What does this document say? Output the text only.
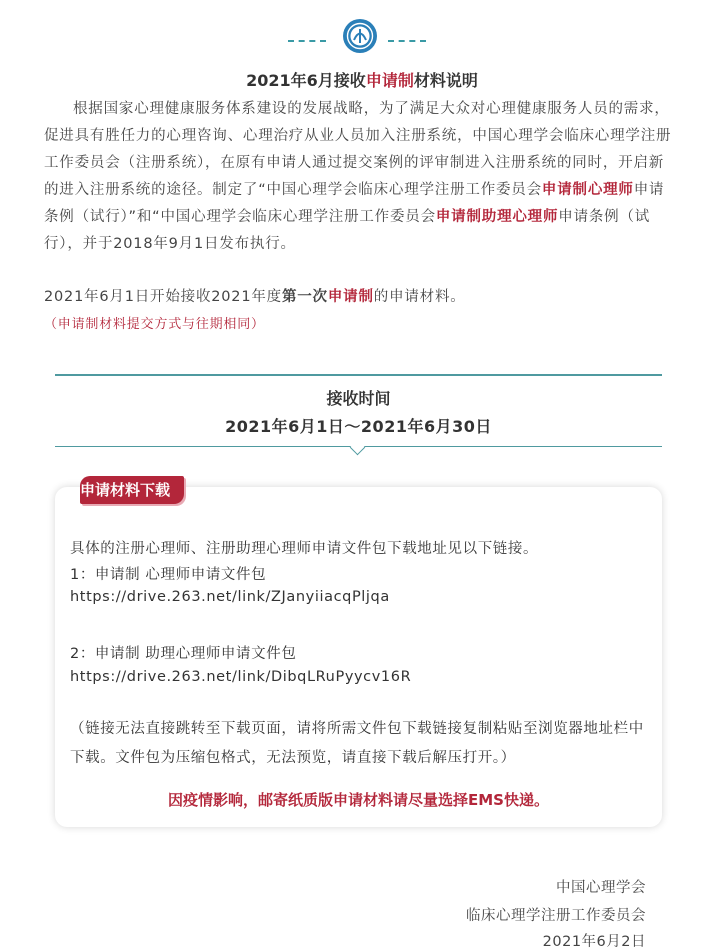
2021年6月接收申请制材料说明

根据国家心理健康服务体系建设的发展战略，为了满足大众对心理健康服务人员的需求，促进具有胜任力的心理咨询、心理治疗从业人员加入注册系统，中国心理学会临床心理学注册工作委员会（注册系统），在原有申请人通过提交案例的评审制进入注册系统的同时，开启新的进入注册系统的途径。制定了“中国心理学会临床心理学注册工作委员会申请制心理师申请条例（试行）”和“中国心理学会临床心理学注册工作委员会申请制助理心理师申请条例（试行），并于2018年9月1日发布执行。

2021年6月1日开始接收2021年度第一次申请制的申请材料。（申请制材料提交方式与往期相同）

接收时间
2021年6月1日～2021年6月30日

具体的注册心理师、注册助理心理师申请文件包下载地址见以下链接。

1：申请制 心理师申请文件包

https://drive.263.net/link/ZJanyiiacqPljqa

2：申请制 助理心理师申请文件包

https://drive.263.net/link/DibqLRuPyycv16R

（链接无法直接跳转至下载页面，请将所需文件包下载链接复制粘贴至浏览器地址栏中下载。文件包为压缩包格式，无法预览，请直接下载后解压打开。）

因疫情影响，邮寄纸质版申请材料请尽量选择EMS快递。
申请材料下载
中国心理学会
临床心理学注册工作委员会
2021年6月2日
